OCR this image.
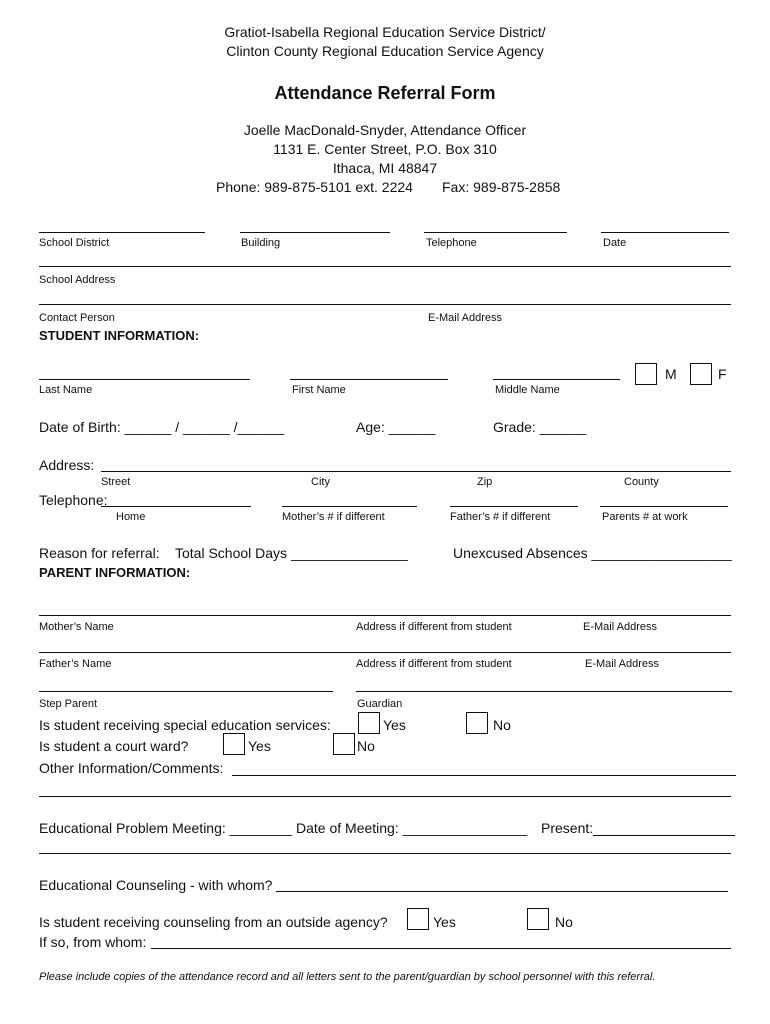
Gratiot-Isabella Regional Education Service District/
Clinton County Regional Education Service Agency
Attendance Referral Form
Joelle MacDonald-Snyder, Attendance Officer
1131 E. Center Street, P.O. Box 310
Ithaca, MI 48847
Phone: 989-875-5101 ext. 2224 Fax: 989-875-2858
School District	Building	Telephone	Date
School Address
Contact Person	E-Mail Address
STUDENT INFORMATION:
M	F
Last Name	First Name	Middle Name
Date of Birth: ______ / ______ /______	Age: ______	Grade: ______
Address:
Street	City	Zip	County
Telephone:
Home	Mother’s # if different	Father’s # if different	Parents # at work
Reason for referral: Total School Days _______________	Unexcused Absences __________________
PARENT INFORMATION:
Mother’s Name	Address if different from student	E-Mail Address
Father’s Name	Address if different from student	E-Mail Address
Step Parent	Guardian
Is student receiving special education services:	Yes	No
Is student a court ward?	Yes	No
Other Information/Comments:
Educational Problem Meeting: ________ Date of Meeting: ________________ Present:
Educational Counseling - with whom?
Is student receiving counseling from an outside agency?	Yes	No
If so, from whom:
Please include copies of the attendance record and all letters sent to the parent/guardian by school personnel with this referral.
